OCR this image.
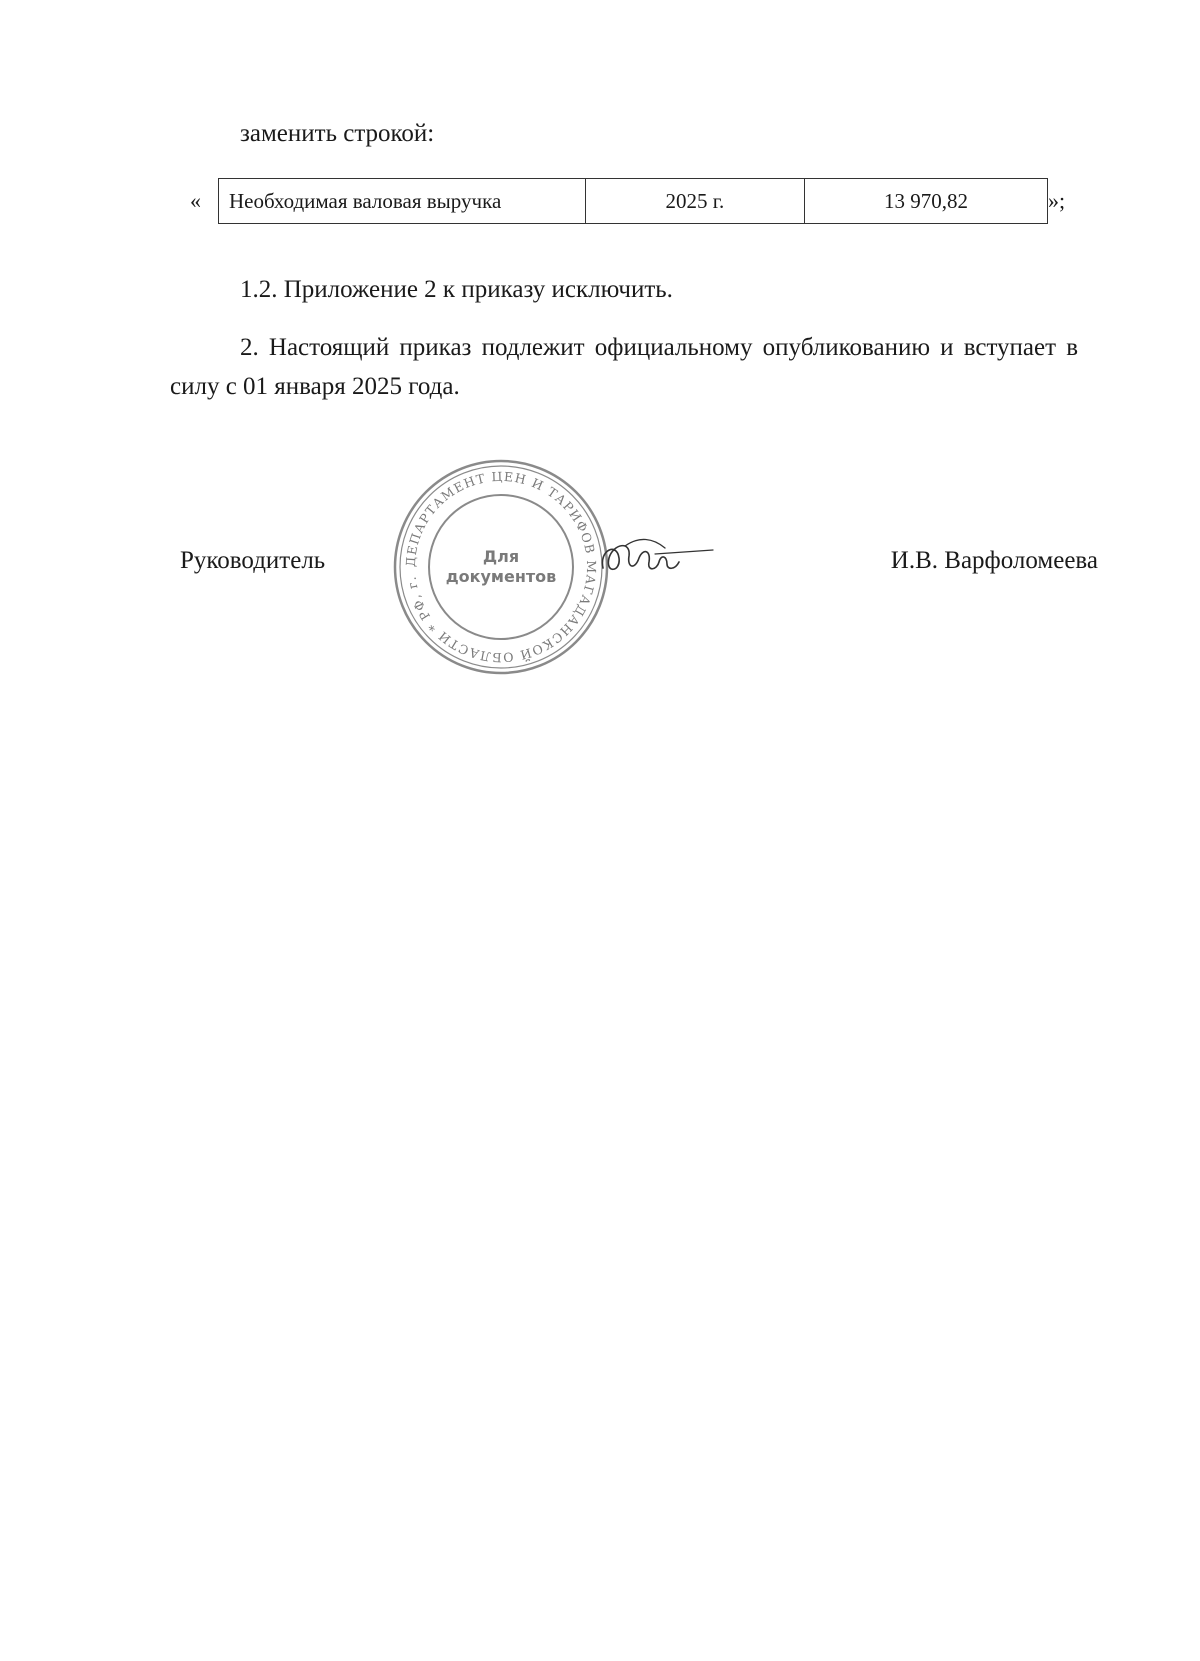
заменить строкой:
« Необходимая валовая выручка	2025 г.	13 970,82	»;
1.2. Приложение 2 к приказу исключить.
2. Настоящий приказ подлежит официальному опубликованию и вступает в силу с 01 января 2025 года.
Руководитель	ДЕПАРТАМЕНТ ЦЕН И ТАРИФОВ МАГАДАНСКОЙ ОБЛАСТИ * РФ, г.
Для
документов
И.В. Варфоломеева
